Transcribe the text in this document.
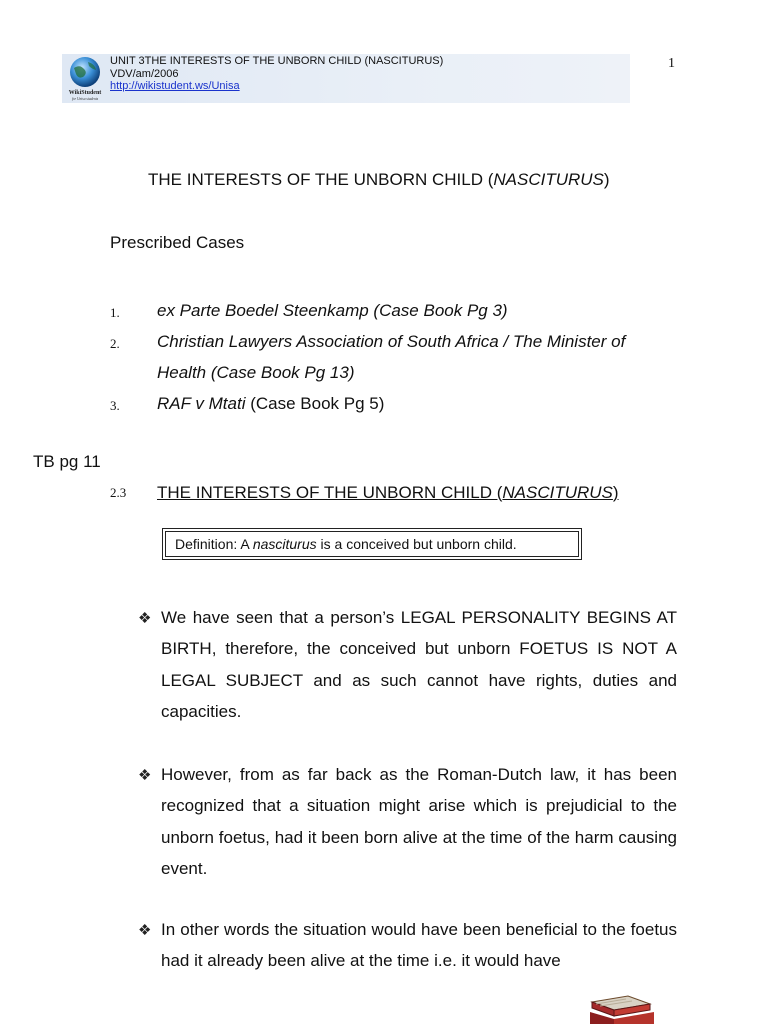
WikiStudent
for Unisa students
UNIT 3THE INTERESTS OF THE UNBORN CHILD (NASCITURUS)
VDV/am/2006
http://wikistudent.ws/Unisa
1
THE INTERESTS OF THE UNBORN CHILD (NASCITURUS)
Prescribed Cases
1. ex Parte Boedel Steenkamp (Case Book Pg 3)
2. Christian Lawyers Association of South Africa / The Minister of Health (Case Book Pg 13)
3. RAF v Mtati (Case Book Pg 5)
TB pg 11
2.3 THE INTERESTS OF THE UNBORN CHILD (NASCITURUS)
Definition: A nasciturus is a conceived but unborn child.
❖ We have seen that a person’s LEGAL PERSONALITY BEGINS AT BIRTH, therefore, the conceived but unborn FOETUS IS NOT A LEGAL SUBJECT and as such cannot have rights, duties and capacities.
❖ However, from as far back as the Roman-Dutch law, it has been recognized that a situation might arise which is prejudicial to the unborn foetus, had it been born alive at the time of the harm causing event.
❖ In other words the situation would have been beneficial to the foetus had it already been alive at the time i.e. it would have
